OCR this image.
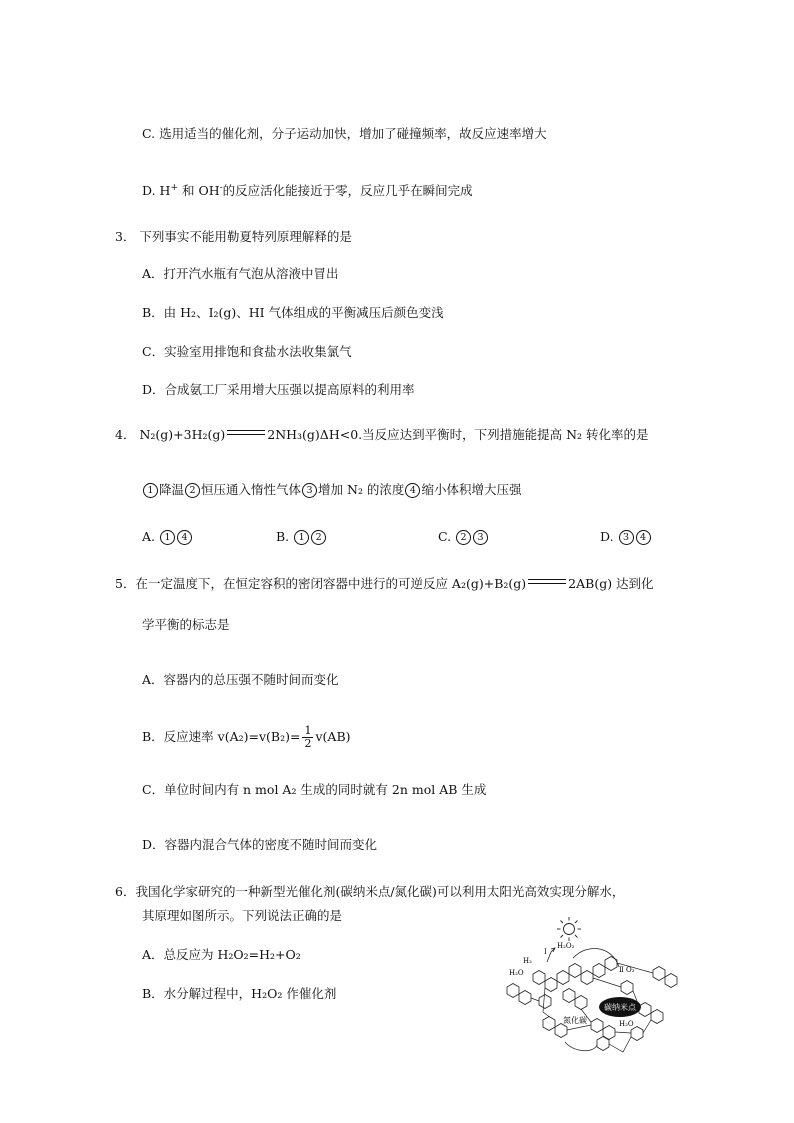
C. 选用适当的催化剂，分子运动加快，增加了碰撞频率，故反应速率增大
D. H+ 和 OH-的反应活化能接近于零，反应几乎在瞬间完成
3． 下列事实不能用勒夏特列原理解释的是
A．打开汽水瓶有气泡从溶液中冒出
B．由 H₂、I₂(g)、HI 气体组成的平衡减压后颜色变浅
C．实验室用排饱和食盐水法收集氯气
D．合成氨工厂采用增大压强以提高原料的利用率
4． N₂(g)+3H₂(g)	2NH₃(g)ΔH<0.当反应达到平衡时，下列措施能提高 N₂ 转化率的是
1 降温 2 恒压通入惰性气体 3 增加 N₂ 的浓度 4 缩小体积增大压强
A. 1 4	B. 1 2	C. 2 3	D. 3 4
5．在一定温度下，在恒定容积的密闭容器中进行的可逆反应 A₂(g)+B₂(g)	2AB(g) 达到化
学平衡的标志是
A．容器内的总压强不随时间而变化
B．反应速率 $v(A_2)=v(B_2)= \frac{1}{2} v(AB)$
C．单位时间内有 n mol A₂ 生成的同时就有 2n mol AB 生成
D．容器内混合气体的密度不随时间而变化
6．我国化学家研究的一种新型光催化剂(碳纳米点/氮化碳)可以利用太阳光高效实现分解水，
其原理如图所示。下列说法正确的是
A．总反应为 H₂O₂=H₂+O₂
B．水分解过程中，H₂O₂ 作催化剂
碳纳米点
H₂O₂
H₂
I
H₂O	Ⅱ O₂
氮化碳	H₂O
